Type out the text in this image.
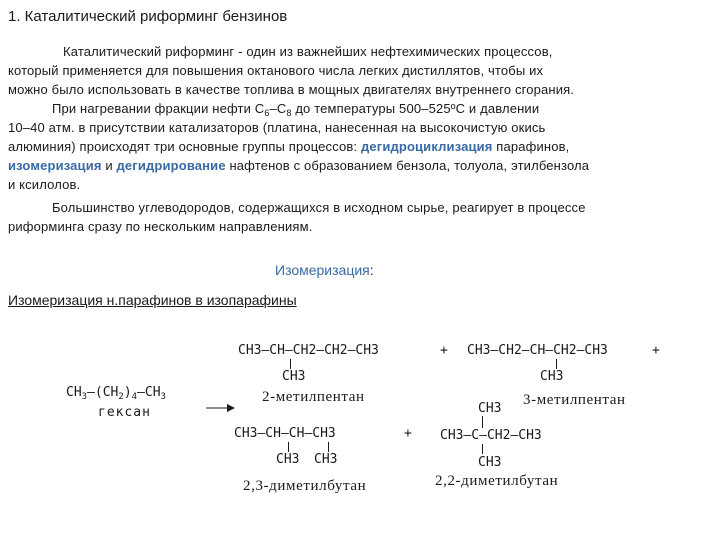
1. Каталитический риформинг бензинов
Каталитический риформинг - один из важнейших нефтехимических процессов,
который применяется для повышения октанового числа легких дистиллятов, чтобы их
можно было использовать в качестве топлива в мощных двигателях внутреннего сгорания.
При нагревании фракции нефти $С_6-С_8$ до температуры 500–525ºС и давлении
10–40 атм. в присутствии катализаторов (платина, нанесенная на высокочистую окись
алюминия) происходят три основные группы процессов: дегидроциклизация парафинов,
изомеризация и дегидрирование нафтенов с образованием бензола, толуола, этилбензола
и ксилолов.
Большинство углеводородов, содержащихся в исходном сырье, реагирует в процессе
риформинга сразу по нескольким направлениям.
Изомеризация:
Изомеризация н.парафинов в изопарафины
CH3—CH—CH2—CH2—CH3
CH3
2-метилпентан
+ CH3—CH2—CH—CH2—CH3
CH3
+
$CH_3—(CH_2)_4—CH_3$
гексан
3-метилпентан
CH3—CH—CH—CH3
CH3 CH3
2,3-диметилбутан
+
CH3
CH3—C—CH2—CH3
CH3
2,2-диметилбутан
